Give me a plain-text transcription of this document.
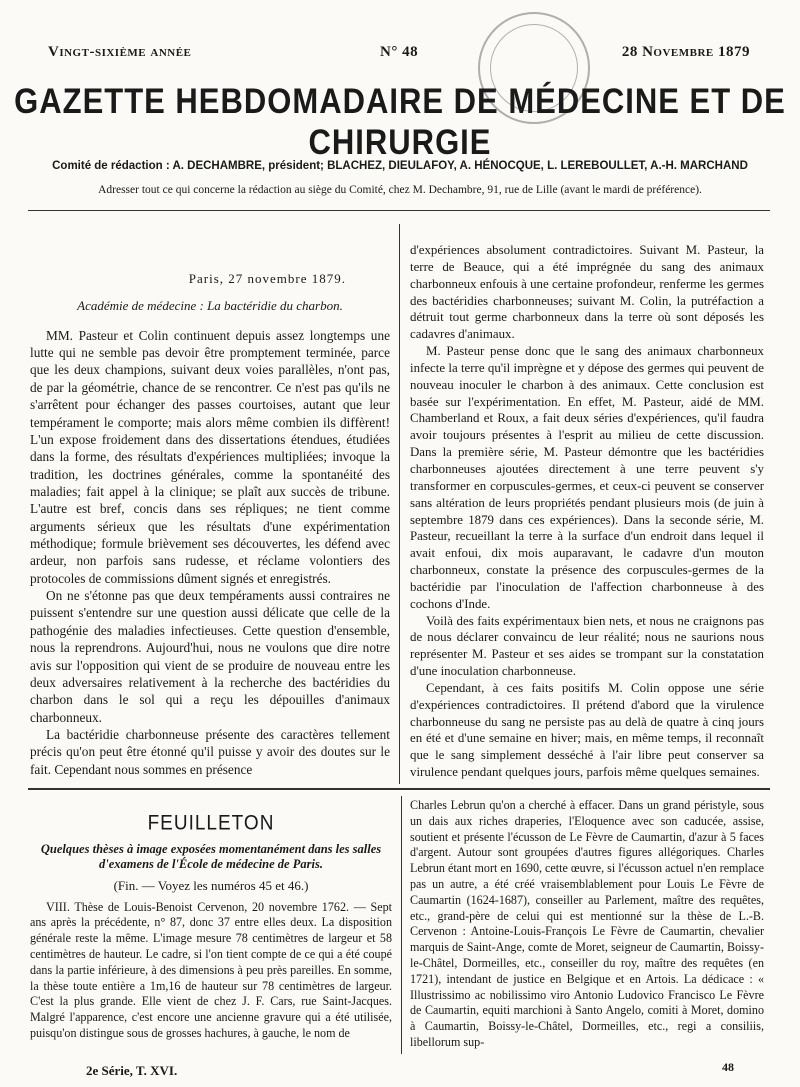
Vingt-sixième année	N° 48	28 Novembre 1879
GAZETTE HEBDOMADAIRE DE MÉDECINE ET DE CHIRURGIE
Comité de rédaction : A. DECHAMBRE, président; BLACHEZ, DIEULAFOY, A. HÉNOCQUE, L. LEREBOULLET, A.-H. MARCHAND
Adresser tout ce qui concerne la rédaction au siège du Comité, chez M. Dechambre, 91, rue de Lille (avant le mardi de préférence).

Paris, 27 novembre 1879.

Académie de médecine : La bactéridie du charbon.

MM. Pasteur et Colin continuent depuis assez longtemps une lutte qui ne semble pas devoir être promptement terminée, parce que les deux champions, suivant deux voies parallèles, n'ont pas, de par la géométrie, chance de se rencontrer. Ce n'est pas qu'ils ne s'arrêtent pour échanger des passes courtoises, autant que leur tempérament le comporte; mais alors même combien ils diffèrent! L'un expose froidement dans des dissertations étendues, étudiées dans la forme, des résultats d'expériences multipliées; invoque la tradition, les doctrines générales, comme la spontanéité des maladies; fait appel à la clinique; se plaît aux succès de tribune. L'autre est bref, concis dans ses répliques; ne tient comme arguments sérieux que les résultats d'une expérimentation méthodique; formule brièvement ses découvertes, les défend avec ardeur, non parfois sans rudesse, et réclame volontiers des protocoles de commissions dûment signés et enregistrés.

On ne s'étonne pas que deux tempéraments aussi contraires ne puissent s'entendre sur une question aussi délicate que celle de la pathogénie des maladies infectieuses. Cette question d'ensemble, nous la reprendrons. Aujourd'hui, nous ne voulons que dire notre avis sur l'opposition qui vient de se produire de nouveau entre les deux adversaires relativement à la recherche des bactéridies du charbon dans le sol qui a reçu les dépouilles d'animaux charbonneux.

La bactéridie charbonneuse présente des caractères tellement précis qu'on peut être étonné qu'il puisse y avoir des doutes sur le fait. Cependant nous sommes en présence

d'expériences absolument contradictoires. Suivant M. Pasteur, la terre de Beauce, qui a été imprégnée du sang des animaux charbonneux enfouis à une certaine profondeur, renferme les germes des bactéridies charbonneuses; suivant M. Colin, la putréfaction a détruit tout germe charbonneux dans la terre où sont déposés les cadavres d'animaux.

M. Pasteur pense donc que le sang des animaux charbonneux infecte la terre qu'il imprègne et y dépose des germes qui peuvent de nouveau inoculer le charbon à des animaux. Cette conclusion est basée sur l'expérimentation. En effet, M. Pasteur, aidé de MM. Chamberland et Roux, a fait deux séries d'expériences, qu'il faudra avoir toujours présentes à l'esprit au milieu de cette discussion. Dans la première série, M. Pasteur démontre que les bactéridies charbonneuses ajoutées directement à une terre peuvent s'y transformer en corpuscules-germes, et ceux-ci peuvent se conserver sans altération de leurs propriétés pendant plusieurs mois (de juin à septembre 1879 dans ces expériences). Dans la seconde série, M. Pasteur, recueillant la terre à la surface d'un endroit dans lequel il avait enfoui, dix mois auparavant, le cadavre d'un mouton charbonneux, constate la présence des corpuscules-germes de la bactéridie par l'inoculation de l'affection charbonneuse à des cochons d'Inde.

Voilà des faits expérimentaux bien nets, et nous ne craignons pas de nous déclarer convaincu de leur réalité; nous ne saurions nous représenter M. Pasteur et ses aides se trompant sur la constatation d'une inoculation charbonneuse.

Cependant, à ces faits positifs M. Colin oppose une série d'expériences contradictoires. Il prétend d'abord que la virulence charbonneuse du sang ne persiste pas au delà de quatre à cinq jours en été et d'une semaine en hiver; mais, en même temps, il reconnaît que le sang simplement desséché à l'air libre peut conserver sa virulence pendant quelques jours, parfois même quelques semaines.

FEUILLETON

Quelques thèses à image exposées momentanément dans les salles d'examens de l'École de médecine de Paris.

(Fin. — Voyez les numéros 45 et 46.)

VIII. Thèse de Louis-Benoist Cervenon, 20 novembre 1762. — Sept ans après la précédente, n° 87, donc 37 entre elles deux. La disposition générale reste la même. L'image mesure 78 centimètres de largeur et 58 centimètres de hauteur. Le cadre, si l'on tient compte de ce qui a été coupé dans la partie inférieure, à des dimensions à peu près pareilles. En somme, la thèse toute entière a 1m,16 de hauteur sur 78 centimètres de largeur. C'est la plus grande. Elle vient de chez J. F. Cars, rue Saint-Jacques. Malgré l'apparence, c'est encore une ancienne gravure qui a été utilisée, puisqu'on distingue sous de grosses hachures, à gauche, le nom de

Charles Lebrun qu'on a cherché à effacer. Dans un grand péristyle, sous un dais aux riches draperies, l'Eloquence avec son caducée, assise, soutient et présente l'écusson de Le Fèvre de Caumartin, d'azur à 5 faces d'argent. Autour sont groupées d'autres figures allégoriques. Charles Lebrun étant mort en 1690, cette œuvre, si l'écusson actuel n'en remplace pas un autre, a été créé vraisemblablement pour Louis Le Fèvre de Caumartin (1624-1687), conseiller au Parlement, maître des requêtes, etc., grand-père de celui qui est mentionné sur la thèse de L.-B. Cervenon : Antoine-Louis-François Le Fèvre de Caumartin, chevalier marquis de Saint-Ange, comte de Moret, seigneur de Caumartin, Boissy-le-Châtel, Dormeilles, etc., conseiller du roy, maître des requêtes (en 1721), intendant de justice en Belgique et en Artois. La dédicace : « Illustrissimo ac nobilissimo viro Antonio Ludovico Francisco Le Fèvre de Caumartin, equiti marchioni à Santo Angelo, comiti à Moret, domino à Caumartin, Boissy-le-Châtel, Dormeilles, etc., regi a consiliis, libellorum sup-

2e Série, T. XVI.	48
